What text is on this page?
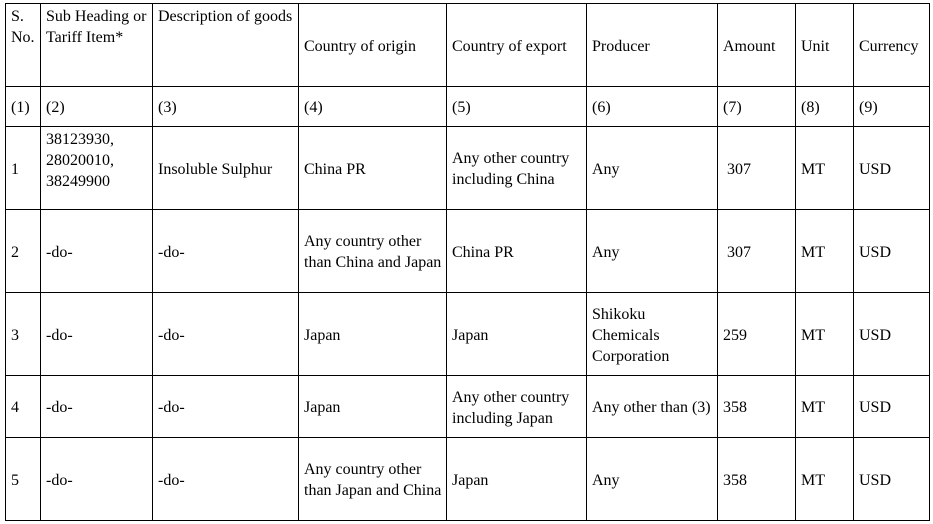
S. No.	Sub Heading or Tariff Item*	Description of goods	Country of origin	Country of export	Producer	Amount	Unit	Currency
(1)	(2)	(3)	(4)	(5)	(6)	(7)	(8)	(9)
1	38123930, 28020010, 38249900	Insoluble Sulphur	China PR	Any other country including China	Any	307	MT	USD
2	-do-	-do-	Any country other than China and Japan	China PR	Any	307	MT	USD
3	-do-	-do-	Japan	Japan	Shikoku Chemicals Corporation	259	MT	USD
4	-do-	-do-	Japan	Any other country including Japan	Any other than (3)	358	MT	USD
5	-do-	-do-	Any country other than Japan and China	Japan	Any	358	MT	USD
